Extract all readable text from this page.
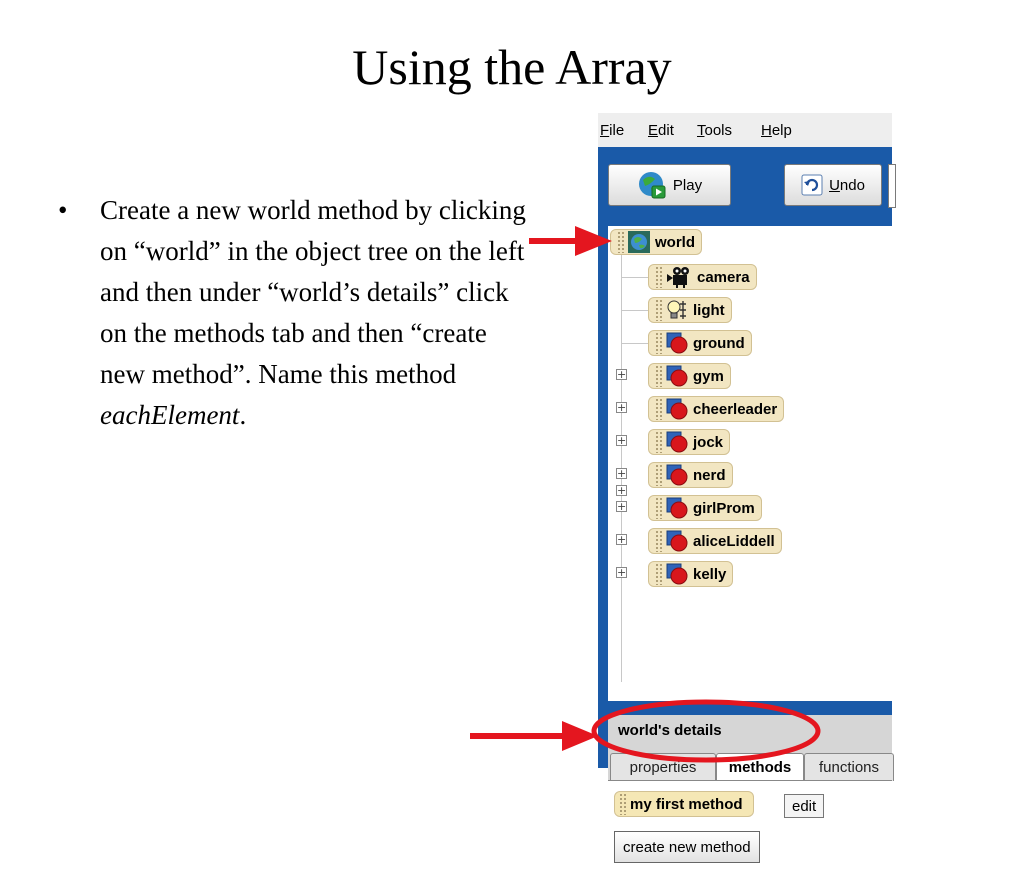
Using the Array
• Create a new world method by clicking on “world” in the object tree on the left and then under “world’s details” click on the methods tab and then “create new method”. Name this method eachElement.
File Edit Tools Help
Play	Undo
world
camera
light
ground
+
gym
cheerleader
jock
nerd
girlProm
aliceLiddell
kelly
+
+
+
+
+
+
+
world's details
properties	methods	functions
my first method	edit
create new method
